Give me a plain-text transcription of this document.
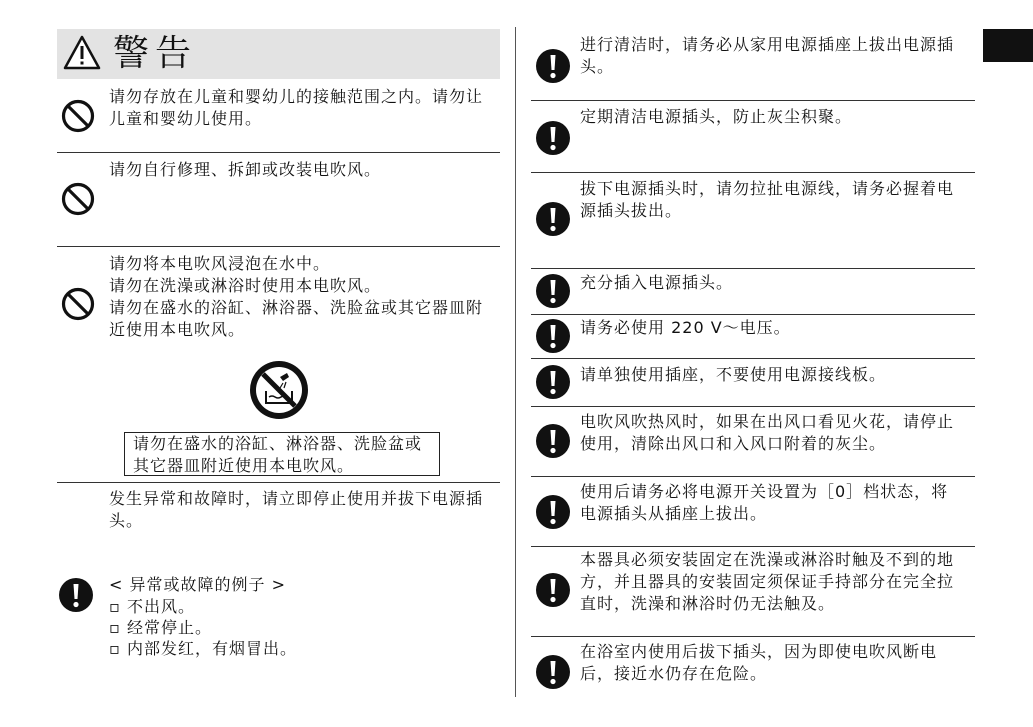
警告
请勿存放在儿童和婴幼儿的接触范围之内。请勿让儿童和婴幼儿使用。
请勿自行修理、拆卸或改装电吹风。
请勿将本电吹风浸泡在水中。
请勿在洗澡或淋浴时使用本电吹风。
请勿在盛水的浴缸、淋浴器、洗脸盆或其它器皿附近使用本电吹风。
请勿在盛水的浴缸、淋浴器、洗脸盆或其它器皿附近使用本电吹风。
发生异常和故障时，请立即停止使用并拔下电源插头。
< 异常或故障的例子 >
▫ 不出风。
▫ 经常停止。
▫ 内部发红，有烟冒出。
进行清洁时，请务必从家用电源插座上拔出电源插头。
定期清洁电源插头，防止灰尘积聚。
拔下电源插头时，请勿拉扯电源线，请务必握着电源插头拔出。
充分插入电源插头。
请务必使用 220 V～电压。
请单独使用插座，不要使用电源接线板。
电吹风吹热风时，如果在出风口看见火花，请停止使用，清除出风口和入风口附着的灰尘。
使用后请务必将电源开关设置为［0］档状态，将电源插头从插座上拔出。
本器具必须安装固定在洗澡或淋浴时触及不到的地方，并且器具的安装固定须保证手持部分在完全拉直时，洗澡和淋浴时仍无法触及。
在浴室内使用后拔下插头，因为即使电吹风断电后，接近水仍存在危险。
